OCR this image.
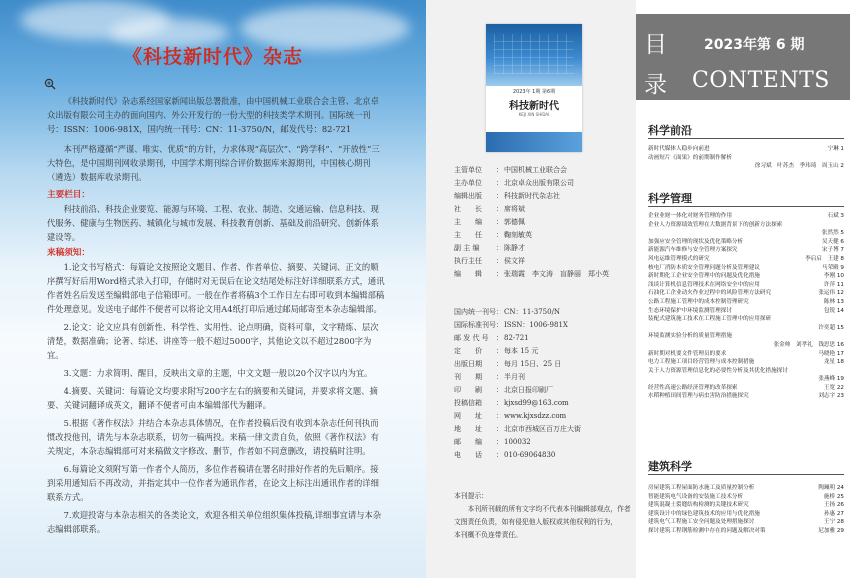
《科技新时代》杂志

《科技新时代》杂志系经国家新闻出版总署批准，由中国机械工业联合会主管、北京卓众出版有限公司主办的面向国内、外公开发行的一份大型的科技类学术期刊。国际统一刊号：ISSN：1006-981X，国内统一刊号：CN：11-3750/N，邮发代号：82-721

本刊严格遵循“严谨、唯实、优质”的方针，力求体现“高层次”、“跨学科”、“开放性”三大特色，是中国期刊网收录期刊，中国学术期刊综合评价数据库来源期刊，中国核心期刊（遴选）数据库收录期刊。

主要栏目：

科技前沿、科技企业要览、能源与环境、工程、农业、制造、交通运输、信息科技、现代服务、健康与生物医药、城镇化与城市发展、科技教育创新、基础及前沿研究、创新体系建设等。

来稿须知：

1.论文书写格式：每篇论文按照论文题目、作者、作者单位、摘要、关键词、正文的顺序撰写好后用Word格式录入打印，存储时对无误后在论文结尾处标注好详细联系方式，通讯作者姓名后发送至编辑部电子信箱即可。一般在作者将稿3个工作日左右即可收到本编辑部稿件处理意见。发送电子邮件不便者可以将论文用A4纸打印后通过邮局邮寄至本杂志编辑部。

2.论文：论文应具有创新性、科学性、实用性、论点明确，资料可靠，文字精炼、层次清楚，数据准确；论著、综述、讲座等一般不超过5000字，其他论文以不超过2800字为宜。

3.文题：力求简明、醒目，反映出文章的主题，中文文题一般以20个汉字以内为宜。

4.摘要、关键词：每篇论文均要求附写200字左右的摘要和关键词，并要求将文题、摘要、关键词翻译成英文，翻译不便者可由本编辑部代为翻译。

5.根据《著作权法》并结合本杂志具体情况，在作者投稿后没有收到本杂志任何刊执而惯改投他刊，请先与本杂志联系，切勿一稿两投。来稿一律文责自负，依照《著作权法》有关规定，本杂志编辑部可对来稿做文字修改、删节，作者如不同意删改，请投稿时注明。

6.每篇论文须附写第一作者个人简历，多位作者稿请在署名时排好作者的先后顺序。接到采用通知后不再改动，并指定其中一位作者为通讯作者，在论文上标注出通讯作者的详细联系方式。

7.欢迎投寄与本杂志相关的各类论文，欢迎各相关单位组织集体投稿,详细事宜请与本杂志编辑部联系。

2023年 1期 第6期
科技新时代
KEJI XIN SHIDAI
主管单位	： 中国机械工业联合会
主办单位	： 北京卓众出版有限公司
编辑出版	： 科技新时代杂志社
社　　长	： 席将斌
主　　编	： 郭德佩
主　　任	： 鞠刻敏英
副 主 编	： 陈静才
执行主任	： 侯文祥
编　　辑	： 张瑞霞　李文涛　盲静丽　郑小英
国内统一刊号 ： CN：11-3750/N
国际标准刊号 ： ISSN：1006-981X
邮 发 代 号	： 82-721
定　　价	： 每本 15 元
出版日期	： 每月 15日、25 日
刊　　期	： 半月刊
印　　刷	： 北京日报印刷厂
投稿信箱	： kjxsd99@163.com
网　　址	： www.kjxsdzz.com
地　　址	： 北京市西城区百万庄大街
邮　　编	： 100032
电　　话	： 010-69064830

本刊提示：

本刊所刊载的所有文字均不代表本刊编辑部观点，作者

文图责任负责，如有侵犯他人版权或其他权利的行为，

本刊概不负连带责任。

目
录
2023年第 6 期
CONTENTS
科学前沿
新时代媒体人稳步向前进	宁琳 1
动画短片《面果》的前期制作解析
徐习斌　叶苏杰　季玮琦　周玉山 2
科学管理
企业业财一体化对财务管理的作用	石斌 3
企业人力资源绩效管理在大数据背景下的创新方法探索
张然然 5
加强应安全管理的现状及优化策略分析	吴天健 6
新能源汽车维修与安全管理方案探究	宋子博 7
风电运维管理模式的研究	李启启　王建 8
核电厂消防本质安全管理问题分析及管理建议	马荣殿 9
新时期化工企业安全管理中的问题及优化措施	李刚 10
浅谈计算机信息管理技术在网络安全中的应用	许萍 11
石油化工企业动火作业过程中的风险管理方法研究	张运伟 12
公路工程施工管理中的成本控制管理研究	陈林 13
生态环境保护中环境监测管理探讨	包锐 14
装配式建筑施工技术在工程施工管理中的应用探研
许奕超 15
环境监测实验分析的质量管理措施
张金帅　刘孝礼　钱思思 16
新时期对机要文件管理员的要求	马晓艳 17
电力工程施工项目经营管理与成本控制措施	龙星 18
关于人力资源管理信息化的必要性分析及其优化措施探讨
张燕峰 19
经营性高速公路经济管理的改革探索	王宽 22
水稻种植田间管理与病虫害防治措施探究	刘志宇 23
建筑科学
房屋建筑工程屋面防水施工及质量控制分析	陶珮明 24
智能建筑电气设备的安装施工技术分析	施桥 25
建筑混凝土裂缝结构检测的关键技术研究	王扬 26
建筑设计中的绿色建筑技术的应用与优化措施	孙惠 27
建筑电气工程施工安全问题及处理措施探讨	王宁 28
探讨建筑工程钢筋检测中存在的问题及解决对策	尼加雅 29
